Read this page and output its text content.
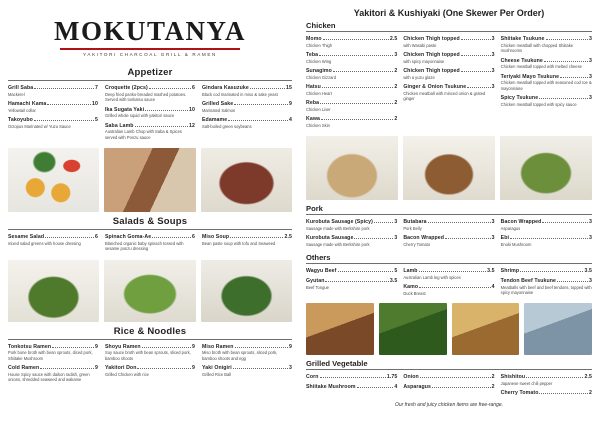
MOKUTANYA
YAKITORI CHARCOAL GRILL & RAMEN
Appetizer
Grill Saba	7
Mackerel
Hamachi Kama	10
Yellowtail collar
Takoyubo	5
Octopus Marinated w/ Yuzu Sauce
Croquette (2pcs)	6
Deep fried panko-breaded mashed potatoes. Served with tonkatsu sauce
Ika Sugata Yaki	10
Grilled whole squid with yakitori sauce
Saba Lamb	12
Australian Lamb Chop with Saba & Spices served with Ponzu sauce
Gindara Kasuzuke	15
Black cod marinated in miso & sake yeast
Grilled Sake	9
Marinated Salmon
Edamame	4
Salt-boiled green soybeans
Salads & Soups
Sesame Salad	6
mixed salad greens with house dressing
Spinach Goma-Ae	6
Blanched organic baby spinach tossed with sesame ponzu dressing
Miso Soup	2.5
Bean paste soup with tofu and Seaweed
Rice & Noodles
Tonkotsu Ramen	9
Pork bone broth with bean sprouts, diced pork, Shiitake Mushroom
Cold Ramen	9
House Spicy sauce with daikon radish, green onions, shredded seaweed and wakame
Shoyu Ramen	9
Soy sauce broth with bean sprouts, sliced pork, bamboo shoots
Yakitori Don	9
Grilled Chicken with rice
Miso Ramen	9
Miso broth with bean sprouts, sliced pork, bamboo shoots and egg
Yaki Onigiri	3
Grilled Rice Ball
Yakitori & Kushiyaki (One Skewer Per Order)
Chicken
Momo	2.5
Chicken Thigh
Teba	3
Chicken Wing
Sunagimo	2
Chicken Gizzard
Hatsu	2
Chicken Heart
Reba	2
Chicken Liver
Kawa	2
Chicken Skin
Chicken Thigh topped	3
with Wasabi paste
Chicken Thigh topped	3
with spicy mayonnaise
Chicken Thigh topped	3
with a yuzu glaze
Ginger & Onion Tsukune	3
Chicken meatball with minced onion & grated ginger
Shiitake Tsukune	3
Chicken meatball with chopped Shiitake mushrooms
Cheese Tsukune	3
Chicken meatball topped with melted cheese
Teriyaki Mayo Tsukune	3
Chicken meatball topped with seasoned cod roe & mayonnaise
Spicy Tsukune	3
Chicken meatball topped with spicy sauce
Pork
Kurobuta Sausage (Spicy)	3
Sausage made with Berkshire pork
Kurobuta Sausage	3
Sausage made with Berkshire pork
Butabara	3
Pork Belly
Bacon Wrapped	3
Cherry Tomato
Bacon Wrapped	3
Asparagus
Ebi	3
Enoki Mushroom
Others
Wagyu Beef	5
Gyutan	3.5
Beef Tongue
Lamb	3.5
Australian Lamb leg with spices
Kamo	4
Duck Breast
Shrimp	3.5
Tendon Beef Tsukune	3
Meatballs with beef and beef tendons, topped with spicy mayonnaise
Grilled Vegetable
Corn	1.75
Shiitake Mushroom	4
Onion	2
Asparagus	2
Shishitou	2.5
Japanese sweet chili pepper
Cherry Tomato	2
Our fresh and juicy chicken items are free-range.
